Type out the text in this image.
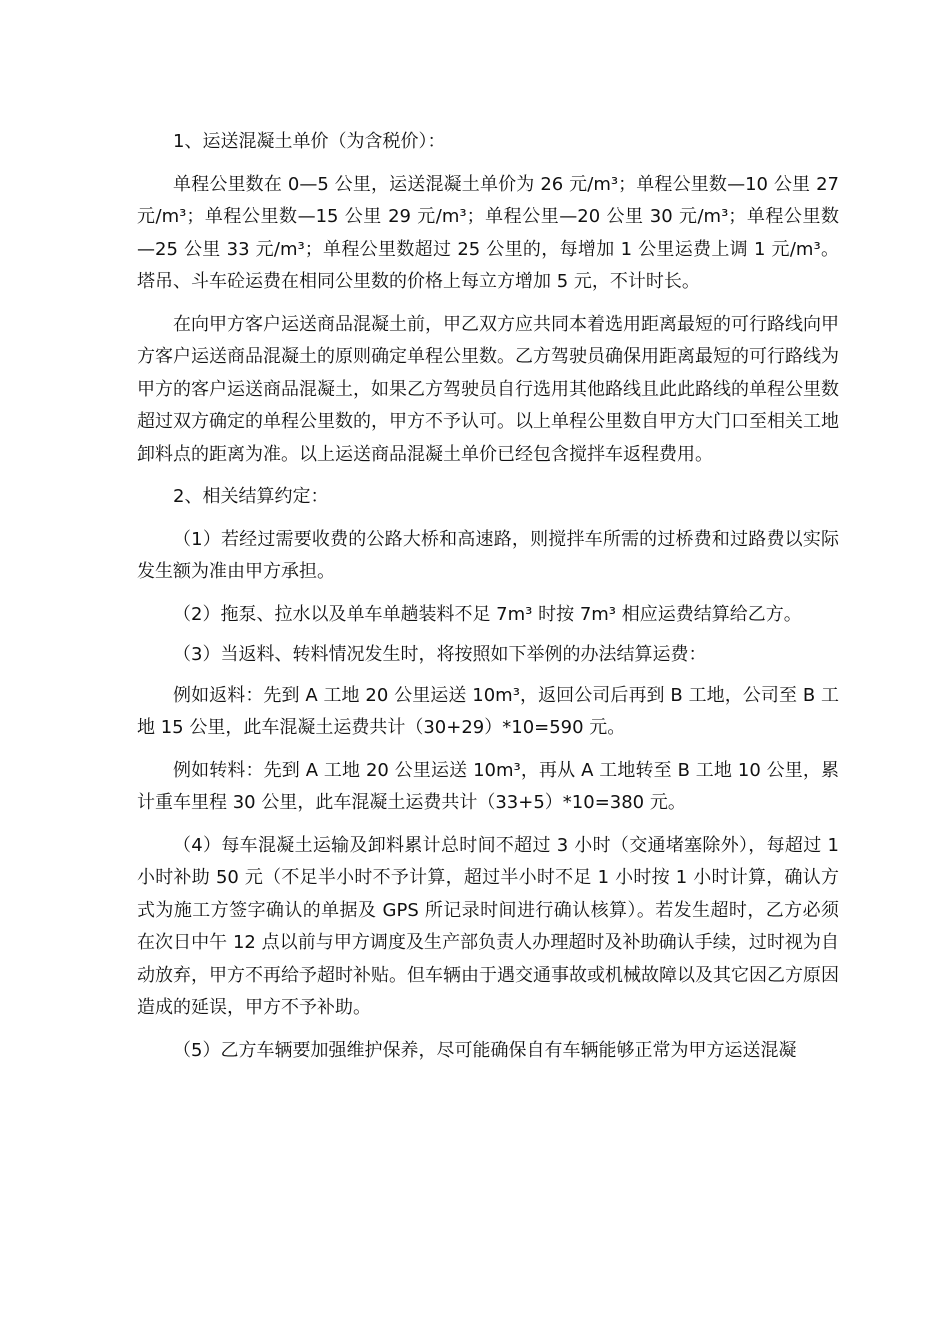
1、运送混凝土单价（为含税价）：

单程公里数在 0—5 公里，运送混凝土单价为 26 元/m³；单程公里数—10 公里 27 元/m³；单程公里数—15 公里 29 元/m³；单程公里—20 公里 30 元/m³；单程公里数—25 公里 33 元/m³；单程公里数超过 25 公里的，每增加 1 公里运费上调 1 元/m³。塔吊、斗车砼运费在相同公里数的价格上每立方增加 5 元，不计时长。

在向甲方客户运送商品混凝土前，甲乙双方应共同本着选用距离最短的可行路线向甲方客户运送商品混凝土的原则确定单程公里数。乙方驾驶员确保用距离最短的可行路线为甲方的客户运送商品混凝土，如果乙方驾驶员自行选用其他路线且此此路线的单程公里数超过双方确定的单程公里数的，甲方不予认可。以上单程公里数自甲方大门口至相关工地卸料点的距离为准。以上运送商品混凝土单价已经包含搅拌车返程费用。

2、相关结算约定：

（1）若经过需要收费的公路大桥和高速路，则搅拌车所需的过桥费和过路费以实际发生额为准由甲方承担。

（2）拖泵、拉水以及单车单趟装料不足 7m³ 时按 7m³ 相应运费结算给乙方。

（3）当返料、转料情况发生时，将按照如下举例的办法结算运费：

例如返料：先到 A 工地 20 公里运送 10m³，返回公司后再到 B 工地，公司至 B 工地 15 公里，此车混凝土运费共计（30+29）*10=590 元。

例如转料：先到 A 工地 20 公里运送 10m³，再从 A 工地转至 B 工地 10 公里，累计重车里程 30 公里，此车混凝土运费共计（33+5）*10=380 元。

（4）每车混凝土运输及卸料累计总时间不超过 3 小时（交通堵塞除外），每超过 1 小时补助 50 元（不足半小时不予计算，超过半小时不足 1 小时按 1 小时计算，确认方式为施工方签字确认的单据及 GPS 所记录时间进行确认核算）。若发生超时，乙方必须在次日中午 12 点以前与甲方调度及生产部负责人办理超时及补助确认手续，过时视为自动放弃，甲方不再给予超时补贴。但车辆由于遇交通事故或机械故障以及其它因乙方原因造成的延误，甲方不予补助。

（5）乙方车辆要加强维护保养，尽可能确保自有车辆能够正常为甲方运送混凝
